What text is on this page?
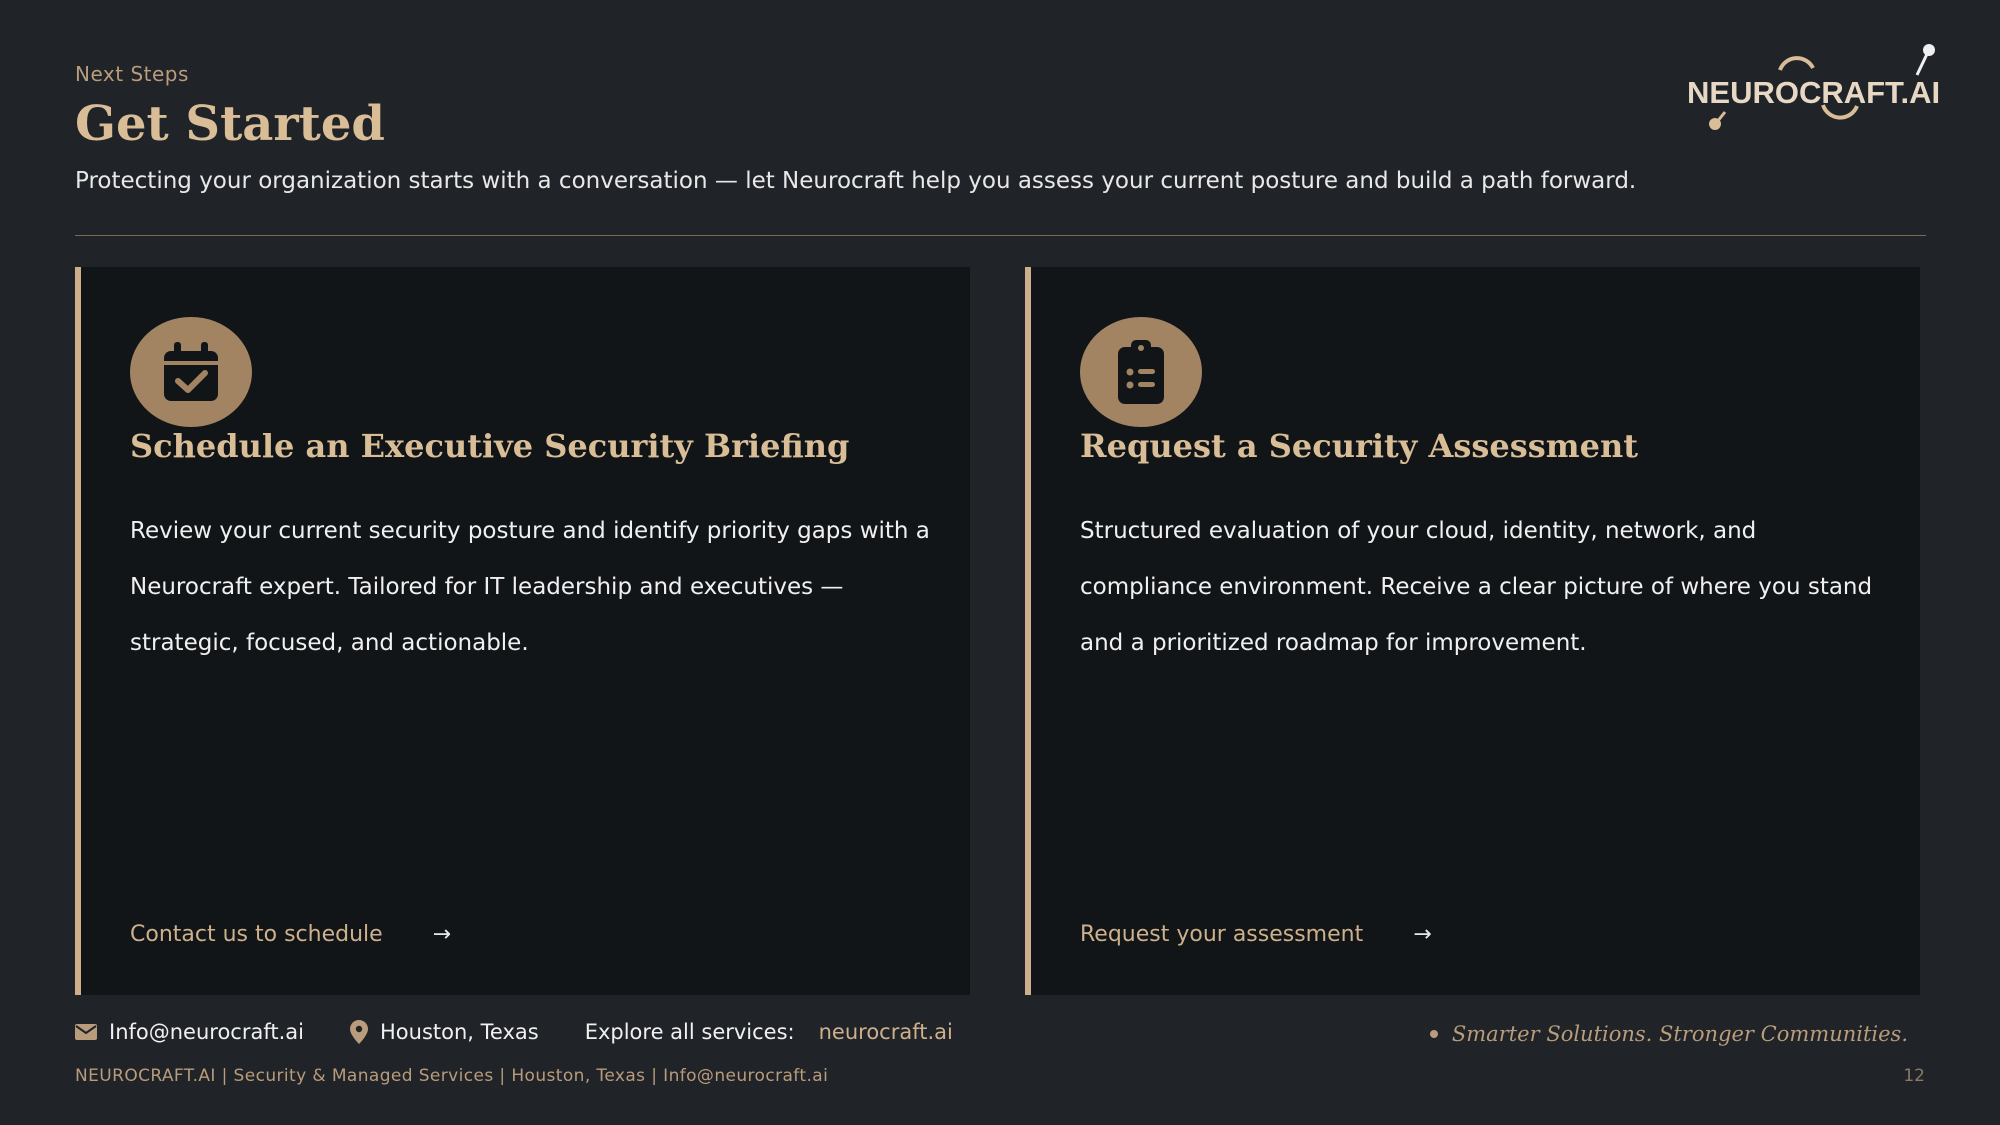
Next Steps
Get Started
Protecting your organization starts with a conversation — let Neurocraft help you assess your current posture and build a path forward.
NEUROCRAFT.AI
Schedule an Executive Security Briefing
Review your current security posture and identify priority gaps with a Neurocraft expert. Tailored for IT leadership and executives — strategic, focused, and actionable.
Contact us to schedule →
Request a Security Assessment
Structured evaluation of your cloud, identity, network, and compliance environment. Receive a clear picture of where you stand and a prioritized roadmap for improvement.
Request your assessment →
Info@neurocraft.ai	Houston, Texas Explore all services: neurocraft.ai	Smarter Solutions. Stronger Communities.
NEUROCRAFT.AI | Security & Managed Services | Houston, Texas | Info@neurocraft.ai	12
